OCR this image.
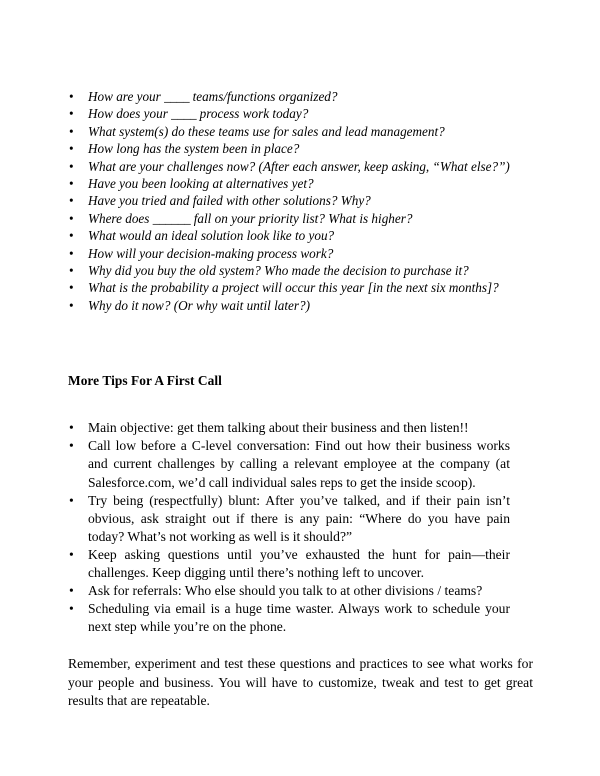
• How are your ____ teams/functions organized?
• How does your ____ process work today?
• What system(s) do these teams use for sales and lead management?
• How long has the system been in place?
• What are your challenges now? (After each answer, keep asking, “What else?”)
• Have you been looking at alternatives yet?
• Have you tried and failed with other solutions? Why?
• Where does ______ fall on your priority list? What is higher?
• What would an ideal solution look like to you?
• How will your decision-making process work?
• Why did you buy the old system? Who made the decision to purchase it?
• What is the probability a project will occur this year [in the next six months]?
• Why do it now? (Or why wait until later?)
More Tips For A First Call
• Main objective: get them talking about their business and then listen!!
• Call low before a C-level conversation: Find out how their business works and current challenges by calling a relevant employee at the company (at Salesforce.com, we’d call individual sales reps to get the inside scoop).
• Try being (respectfully) blunt: After you’ve talked, and if their pain isn’t obvious, ask straight out if there is any pain: “Where do you have pain today? What’s not working as well is it should?”
• Keep asking questions until you’ve exhausted the hunt for pain—their challenges. Keep digging until there’s nothing left to uncover.
• Ask for referrals: Who else should you talk to at other divisions / teams?
• Scheduling via email is a huge time waster. Always work to schedule your next step while you’re on the phone.

Remember, experiment and test these questions and practices to see what works for your people and business. You will have to customize, tweak and test to get great results that are repeatable.
